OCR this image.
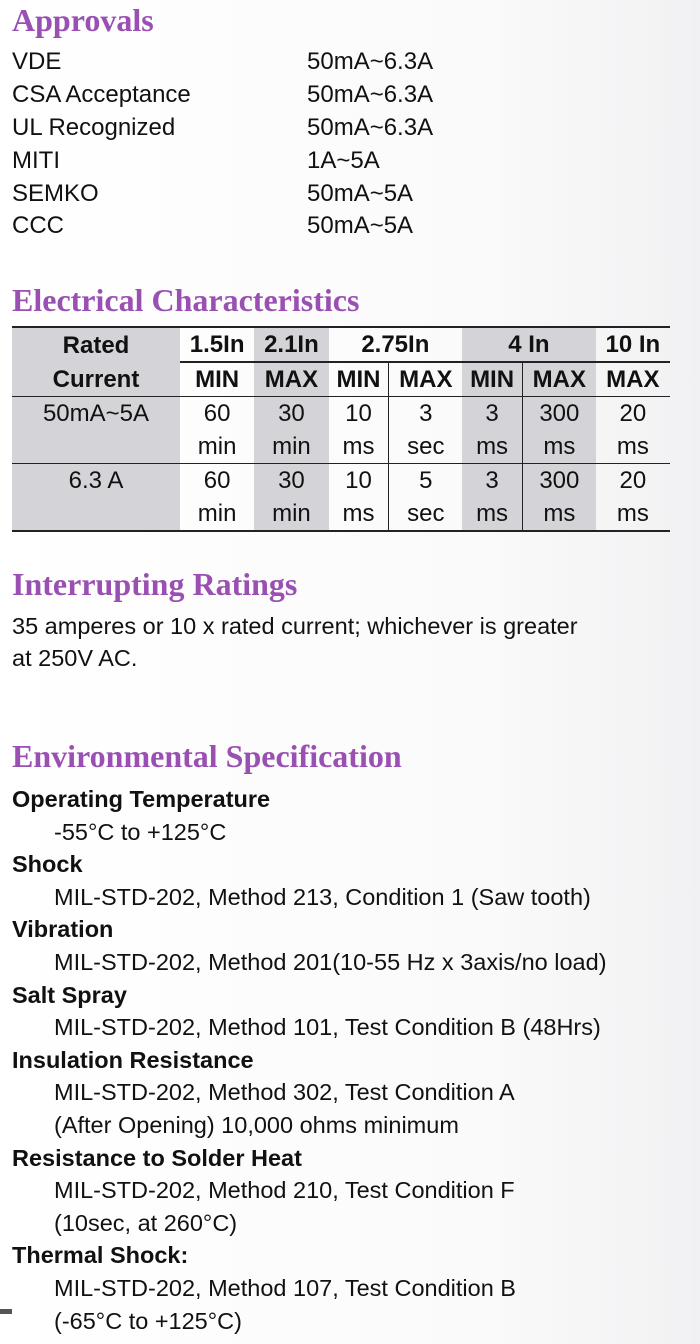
Approvals
VDE	50mA~6.3A
CSA Acceptance	50mA~6.3A
UL Recognized	50mA~6.3A
MITI	1A~5A
SEMKO	50mA~5A
CCC	50mA~5A
Electrical Characteristics
Rated	1.5In	2.1In	2.75In		4 In		10 In
Current	MIN	MAX	MIN	MAX	MIN	MAX	MAX
50mA~5A	60	30	10	3	3	300	20
	min	min	ms	sec	ms	ms	ms
6.3 A	60	30	10	5	3	300	20
	min	min	ms	sec	ms	ms	ms
Interrupting Ratings
35 amperes or 10 x rated current; whichever is greater
at 250V AC.
Environmental Specification
Operating Temperature
-55°C to +125°C
Shock
MIL-STD-202, Method 213, Condition 1 (Saw tooth)
Vibration
MIL-STD-202, Method 201(10-55 Hz x 3axis/no load)
Salt Spray
MIL-STD-202, Method 101, Test Condition B (48Hrs)
Insulation Resistance
MIL-STD-202, Method 302, Test Condition A
(After Opening) 10,000 ohms minimum
Resistance to Solder Heat
MIL-STD-202, Method 210, Test Condition F
(10sec, at 260°C)
Thermal Shock:
MIL-STD-202, Method 107, Test Condition B
(-65°C to +125°C)
